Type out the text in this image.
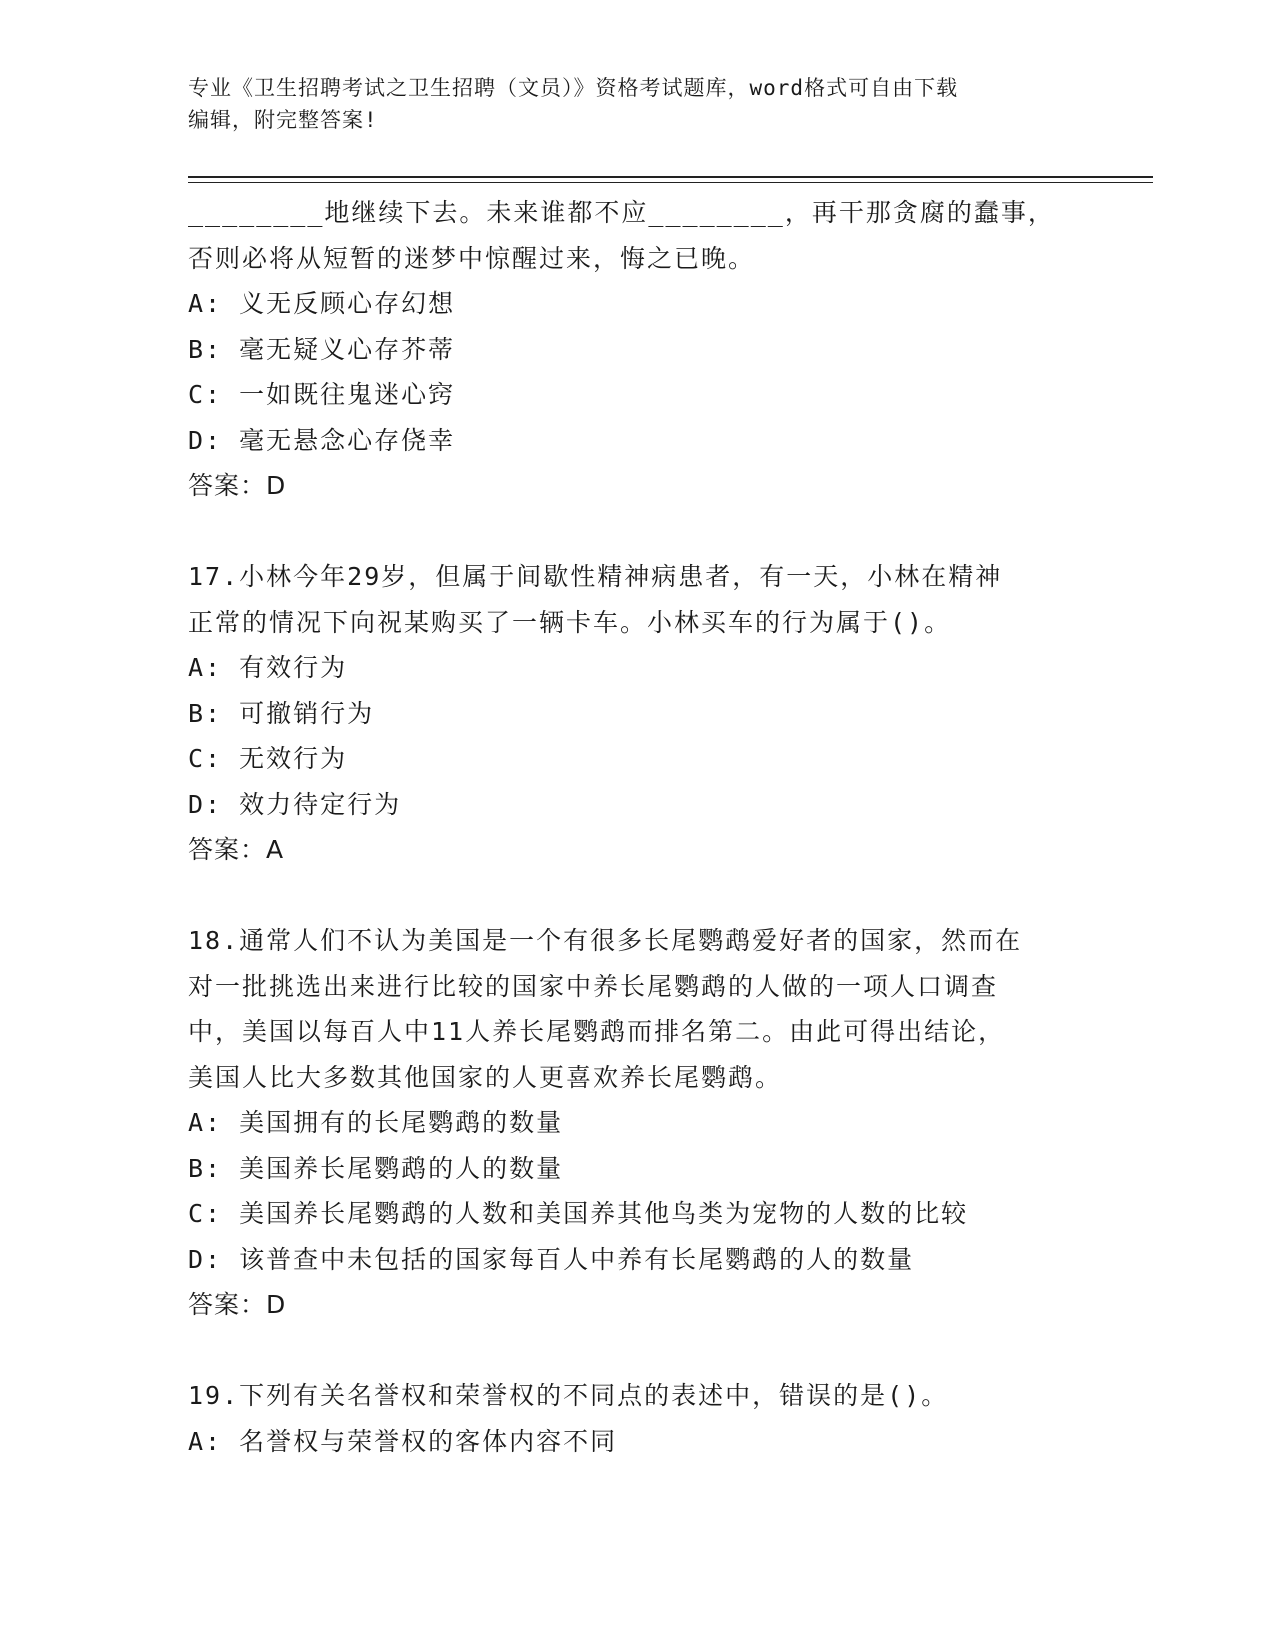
专业《卫生招聘考试之卫生招聘（文员）》资格考试题库，word格式可自由下载
编辑，附完整答案!
________地继续下去。未来谁都不应________，再干那贪腐的蠢事，
否则必将从短暂的迷梦中惊醒过来，悔之已晚。
A: 义无反顾心存幻想
B: 毫无疑义心存芥蒂
C: 一如既往鬼迷心窍
D: 毫无悬念心存侥幸
答案：D
17.小林今年29岁，但属于间歇性精神病患者，有一天，小林在精神
正常的情况下向祝某购买了一辆卡车。小林买车的行为属于()。
A: 有效行为
B: 可撤销行为
C: 无效行为
D: 效力待定行为
答案：A
18.通常人们不认为美国是一个有很多长尾鹦鹉爱好者的国家，然而在
对一批挑选出来进行比较的国家中养长尾鹦鹉的人做的一项人口调查
中，美国以每百人中11人养长尾鹦鹉而排名第二。由此可得出结论，
美国人比大多数其他国家的人更喜欢养长尾鹦鹉。
A: 美国拥有的长尾鹦鹉的数量
B: 美国养长尾鹦鹉的人的数量
C: 美国养长尾鹦鹉的人数和美国养其他鸟类为宠物的人数的比较
D: 该普查中未包括的国家每百人中养有长尾鹦鹉的人的数量
答案：D
19.下列有关名誉权和荣誉权的不同点的表述中，错误的是()。
A: 名誉权与荣誉权的客体内容不同
